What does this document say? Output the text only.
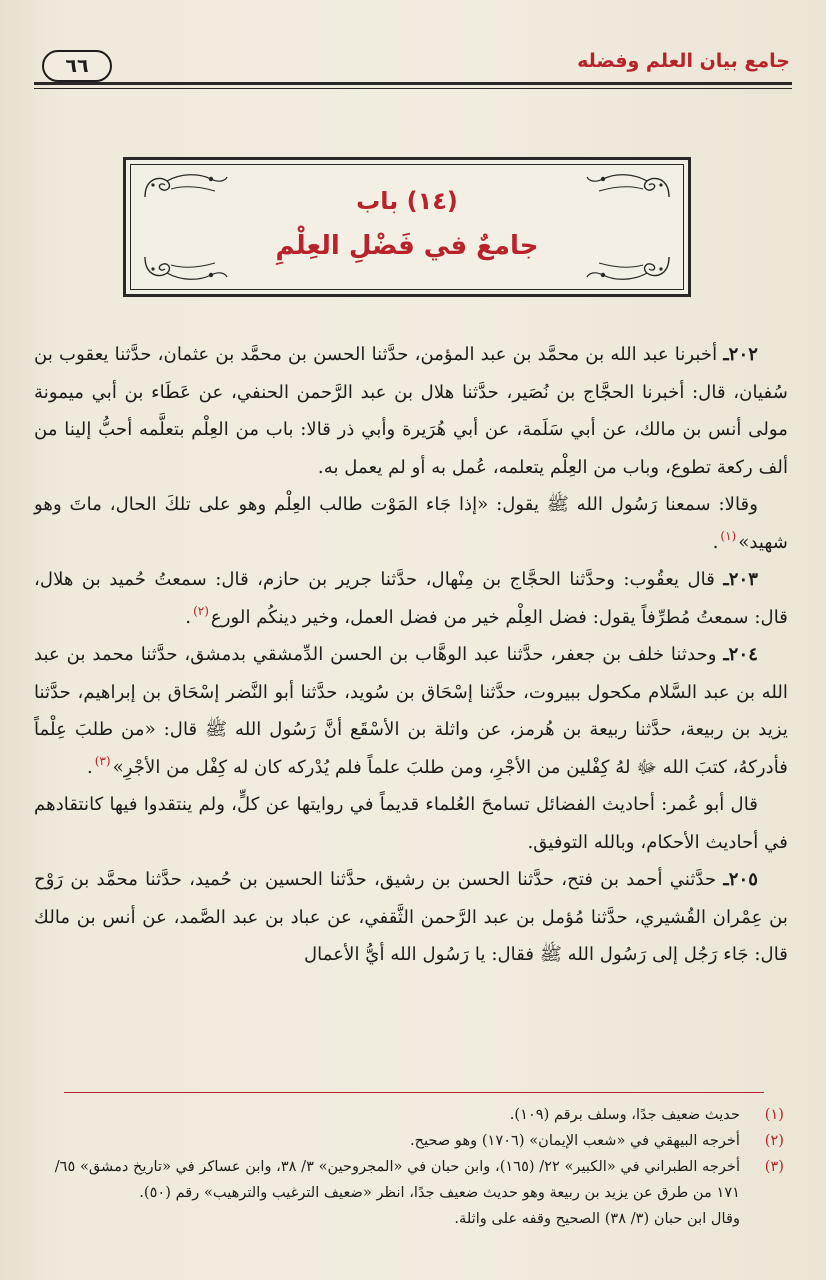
جامع بيان العلم وفضله
٦٦
(١٤) باب
جامعٌ في فَضْلِ العِلْمِ

٢٠٢ـ أخبرنا عبد الله بن محمَّد بن عبد المؤمن، حدَّثنا الحسن بن محمَّد بن عثمان، حدَّثنا يعقوب بن سُفيان، قال: أخبرنا الحجَّاج بن نُصَير، حدَّثنا هلال بن عبد الرَّحمن الحنفي، عن عَطَاء بن أبي ميمونة مولى أنس بن مالك، عن أبي سَلَمة، عن أبي هُرَيرة وأبي ذر قالا: باب من العِلْم بتعلَّمه أحبُّ إلينا من ألف ركعة تطوع، وباب من العِلْم يتعلمه، عُمل به أو لم يعمل به.

وقالا: سمعنا رَسُول الله ﷺ يقول: «إذا جَاء المَوْت طالب العِلْم وهو على تلكَ الحال، ماتَ وهو شهيد»$^{(١)}$.

٢٠٣ـ قال يعقُوب: وحدَّثنا الحجَّاج بن مِنْهال، حدَّثنا جرير بن حازم، قال: سمعتُ حُميد بن هلال، قال: سمعتُ مُطرِّفاً يقول: فضل العِلْم خير من فضل العمل، وخير دينكُم الورع$^{(٢)}$.

٢٠٤ـ وحدثنا خلف بن جعفر، حدَّثنا عبد الوهَّاب بن الحسن الدِّمشقي بدمشق، حدَّثنا محمد بن عبد الله بن عبد السَّلام مكحول ببيروت، حدَّثنا إسْحَاق بن سُويد، حدَّثنا أبو النَّضر إسْحَاق بن إبراهيم، حدَّثنا يزيد بن ربيعة، حدَّثنا ربيعة بن هُرمز، عن واثلة بن الأسْقَع أنَّ رَسُول الله ﷺ قال: «من طلبَ عِلْماً فأدركهُ، كتبَ الله ﷻ لهُ كِفْلين من الأجْرِ، ومن طلبَ علماً فلم يُدْركه كان له كِفْل من الأجْرِ»$^{(٣)}$.

قال أبو عُمر: أحاديث الفضائل تسامحَ العُلماء قديماً في روايتها عن كلٍّ، ولم ينتقدوا فيها كانتقادهم في أحاديث الأحكام، وبالله التوفيق.

٢٠٥ـ حدَّثني أحمد بن فتح، حدَّثنا الحسن بن رشيق، حدَّثنا الحسين بن حُميد، حدَّثنا محمَّد بن رَوْح بن عِمْران القُشيري، حدَّثنا مُؤمل بن عبد الرَّحمن الثَّقفي، عن عباد بن عبد الصَّمد، عن أنس بن مالك قال: جَاء رَجُل إلى رَسُول الله ﷺ فقال: يا رَسُول الله أيُّ الأعمال

(١)
حديث ضعيف جدًا، وسلف برقم (١٠٩).

(٢)
أخرجه البيهقي في «شعب الإيمان» (١٧٠٦) وهو صحيح.

(٣)
أخرجه الطبراني في «الكبير» ٢٢/ (١٦٥)، وابن حبان في «المجروحين» ٣/ ٣٨، وابن عساكر في «تاريخ دمشق» ٦٥/ ١٧١ من طرق عن يزيد بن ربيعة وهو حديث ضعيف جدًا، انظر «ضعيف الترغيب والترهيب» رقم (٥٠).

وقال ابن حبان (٣/ ٣٨) الصحيح وقفه على واثلة.
